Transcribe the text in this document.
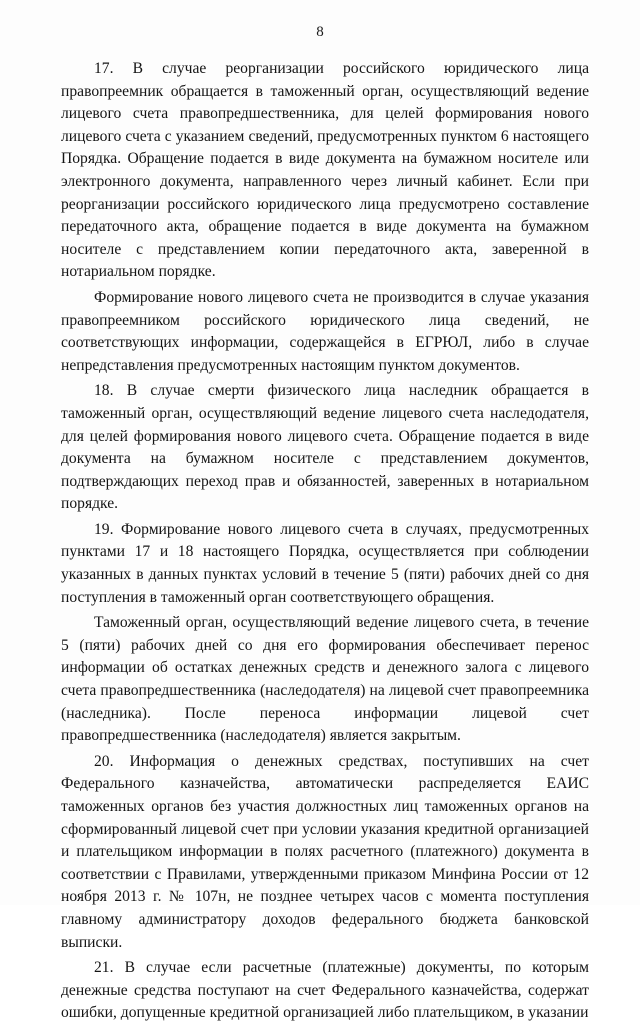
8

17. В случае реорганизации российского юридического лица правопреемник обращается в таможенный орган, осуществляющий ведение лицевого счета правопредшественника, для целей формирования нового лицевого счета с указанием сведений, предусмотренных пунктом 6 настоящего Порядка. Обращение подается в виде документа на бумажном носителе или электронного документа, направленного через личный кабинет. Если при реорганизации российского юридического лица предусмотрено составление передаточного акта, обращение подается в виде документа на бумажном носителе с представлением копии передаточного акта, заверенной в нотариальном порядке.

Формирование нового лицевого счета не производится в случае указания правопреемником российского юридического лица сведений, не соответствующих информации, содержащейся в ЕГРЮЛ, либо в случае непредставления предусмотренных настоящим пунктом документов.

18. В случае смерти физического лица наследник обращается в таможенный орган, осуществляющий ведение лицевого счета наследодателя, для целей формирования нового лицевого счета. Обращение подается в виде документа на бумажном носителе с представлением документов, подтверждающих переход прав и обязанностей, заверенных в нотариальном порядке.

19. Формирование нового лицевого счета в случаях, предусмотренных пунктами 17 и 18 настоящего Порядка, осуществляется при соблюдении указанных в данных пунктах условий в течение 5 (пяти) рабочих дней со дня поступления в таможенный орган соответствующего обращения.

Таможенный орган, осуществляющий ведение лицевого счета, в течение 5 (пяти) рабочих дней со дня его формирования обеспечивает перенос информации об остатках денежных средств и денежного залога с лицевого счета правопредшественника (наследодателя) на лицевой счет правопреемника (наследника). После переноса информации лицевой счет правопредшественника (наследодателя) является закрытым.

20. Информация о денежных средствах, поступивших на счет Федерального казначейства, автоматически распределяется ЕАИС таможенных органов без участия должностных лиц таможенных органов на сформированный лицевой счет при условии указания кредитной организацией и плательщиком информации в полях расчетного (платежного) документа в соответствии с Правилами, утвержденными приказом Минфина России от 12 ноября 2013 г. № 107н, не позднее четырех часов с момента поступления главному администратору доходов федерального бюджета банковской выписки.

21. В случае если расчетные (платежные) документы, по которым денежные средства поступают на счет Федерального казначейства, содержат ошибки, допущенные кредитной организацией либо плательщиком, в указании
